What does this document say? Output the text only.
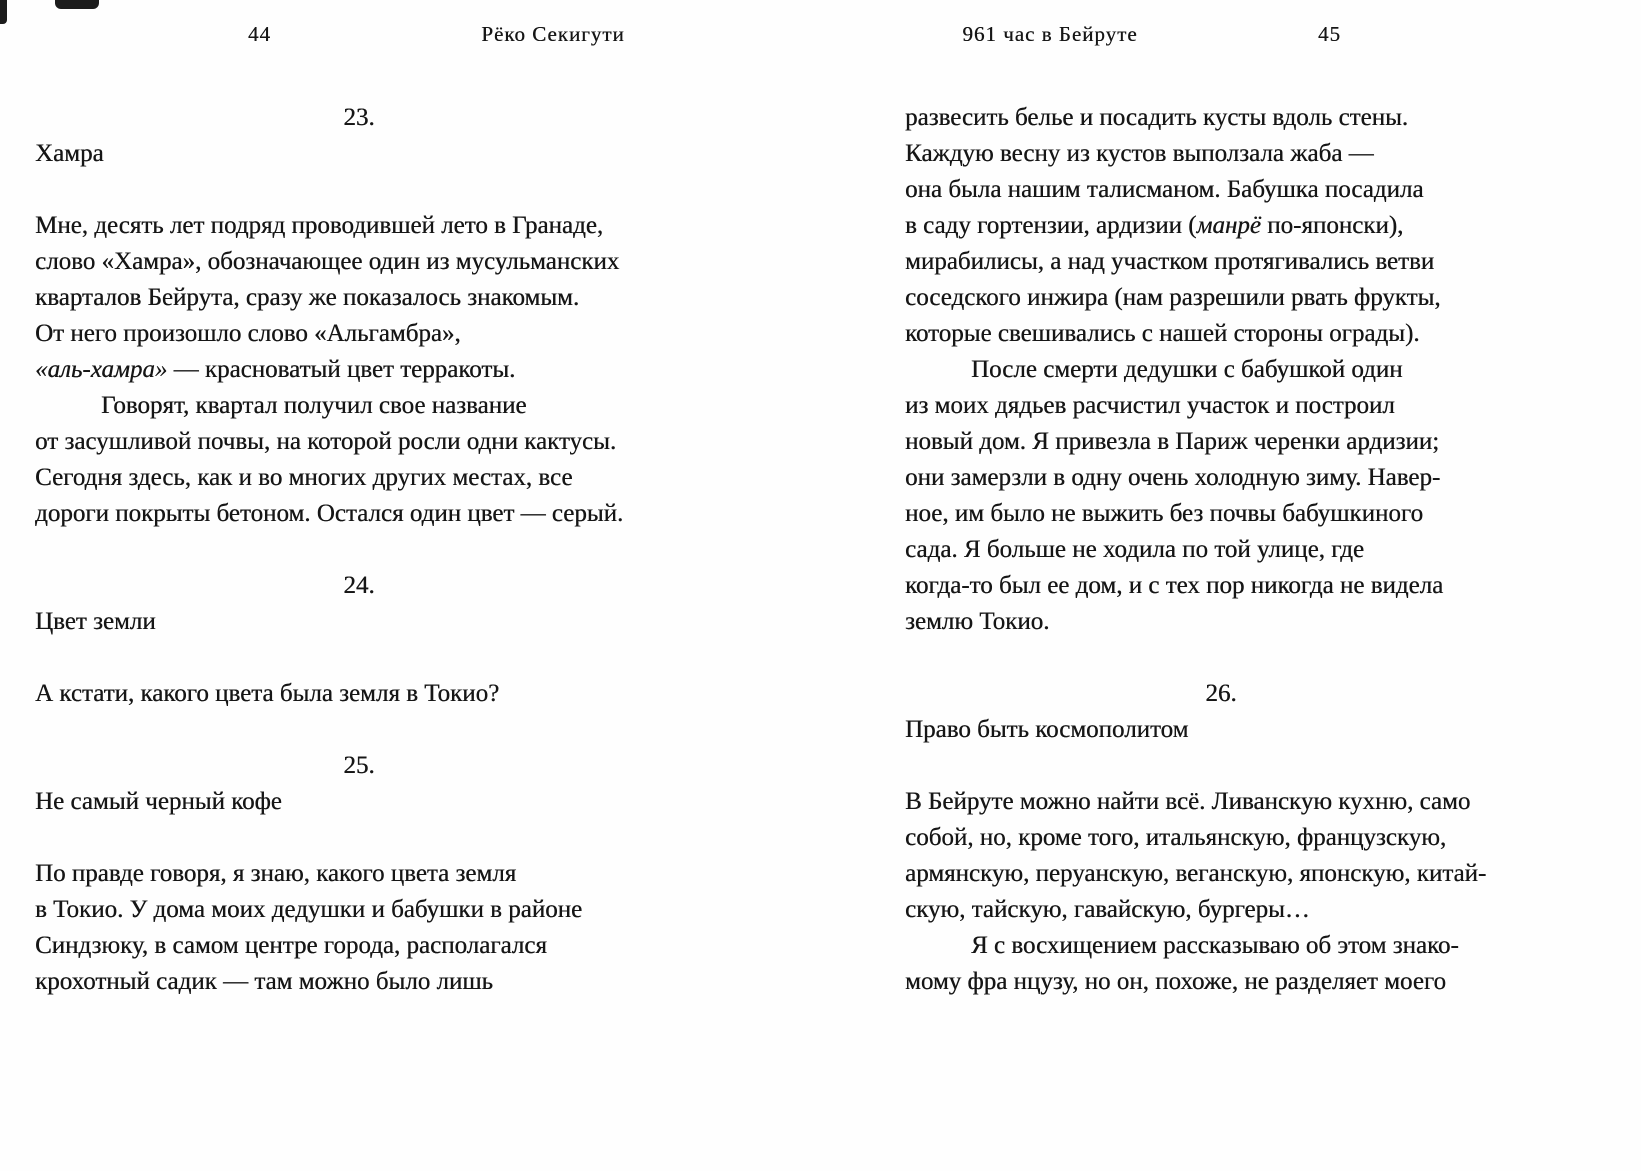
44	Рёко Секигути	961 час в Бейруте	45
23.
Хамра

Мне, десять лет подряд проводившей лето в Гранаде,
слово «Хамра», обозначающее один из мусульманских
кварталов Бейрута, сразу же показалось знакомым.
От него произошло слово «Альгамбра»,
«аль-хамра» — красноватый цвет терракоты.
Говорят, квартал получил свое название
от засушливой почвы, на которой росли одни кактусы.
Сегодня здесь, как и во многих других местах, все
дороги покрыты бетоном. Остался один цвет — серый.

24.
Цвет земли

А кстати, какого цвета была земля в Токио?

25.
Не самый черный кофе

По правде говоря, я знаю, какого цвета земля
в Токио. У дома моих дедушки и бабушки в районе
Синдзюку, в самом центре города, располагался
крохотный садик — там можно было лишь
развесить белье и посадить кусты вдоль стены.
Каждую весну из кустов выползала жаба —
она была нашим талисманом. Бабушка посадила
в саду гортензии, ардизии (манрё по-японски),
мирабилисы, а над участком протягивались ветви
соседского инжира (нам разрешили рвать фрукты,
которые свешивались с нашей стороны ограды).
После смерти дедушки с бабушкой один
из моих дядьев расчистил участок и построил
новый дом. Я привезла в Париж черенки ардизии;
они замерзли в одну очень холодную зиму. Навер-
ное, им было не выжить без почвы бабушкиного
сада. Я больше не ходила по той улице, где
когда-то был ее дом, и с тех пор никогда не видела
землю Токио.

26.
Право быть космополитом

В Бейруте можно найти всё. Ливанскую кухню, само
собой, но, кроме того, итальянскую, французскую,
армянскую, перуанскую, веганскую, японскую, китай-
скую, тайскую, гавайскую, бургеры…
Я с восхищением рассказываю об этом знако-
мому фра нцузу, но он, похоже, не разделяет моего
